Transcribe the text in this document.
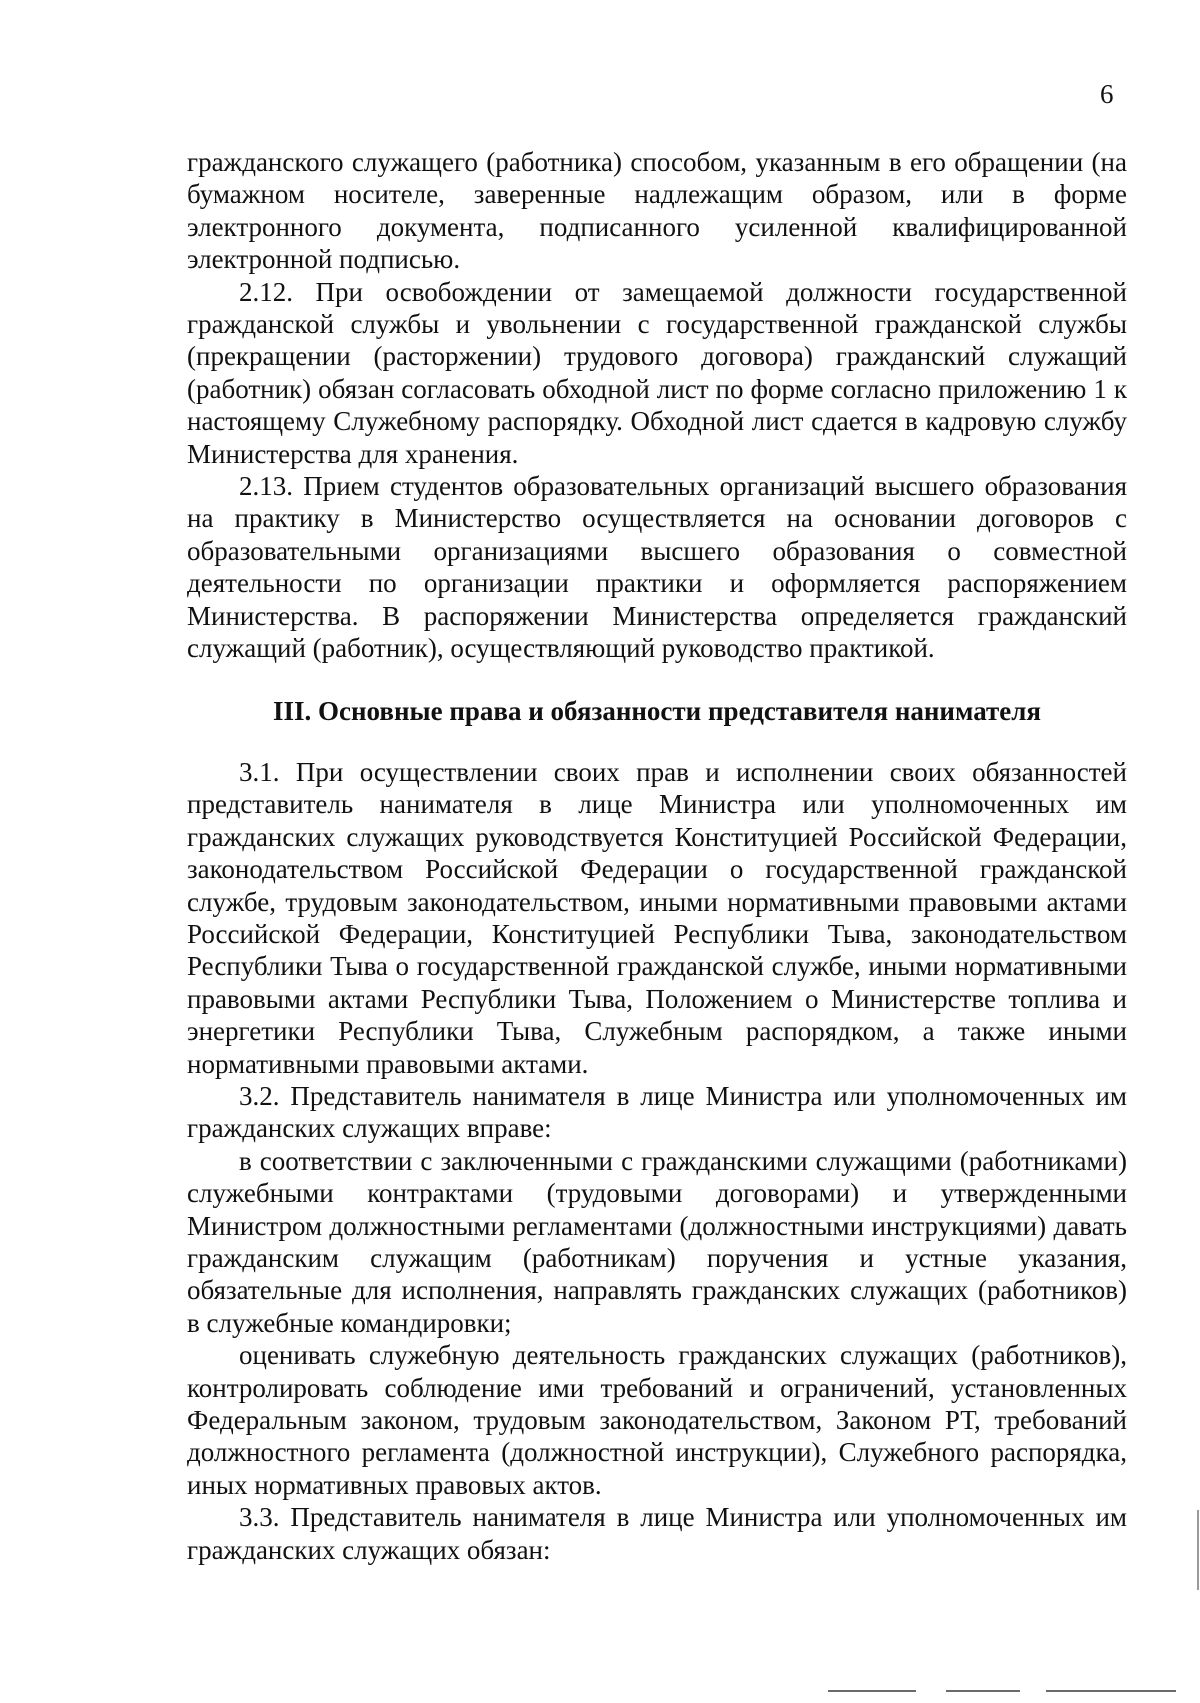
6

гражданского служащего (работника) способом, указанным в его обращении (на бумажном носителе, заверенные надлежащим образом, или в форме электронного документа, подписанного усиленной квалифицированной электронной подписью.

2.12. При освобождении от замещаемой должности государственной гражданской службы и увольнении с государственной гражданской службы (прекращении (расторжении) трудового договора) гражданский служащий (работник) обязан согласовать обходной лист по форме согласно приложению 1 к настоящему Служебному распорядку. Обходной лист сдается в кадровую службу Министерства для хранения.

2.13. Прием студентов образовательных организаций высшего образования на практику в Министерство осуществляется на основании договоров с образовательными организациями высшего образования о совместной деятельности по организации практики и оформляется распоряжением Министерства. В распоряжении Министерства определяется гражданский служащий (работник), осуществляющий руководство практикой.

III. Основные права и обязанности представителя нанимателя

3.1. При осуществлении своих прав и исполнении своих обязанностей представитель нанимателя в лице Министра или уполномоченных им гражданских служащих руководствуется Конституцией Российской Федерации, законодательством Российской Федерации о государственной гражданской службе, трудовым законодательством, иными нормативными правовыми актами Российской Федерации, Конституцией Республики Тыва, законодательством Республики Тыва о государственной гражданской службе, иными нормативными правовыми актами Республики Тыва, Положением о Министерстве топлива и энергетики Республики Тыва, Служебным распорядком, а также иными нормативными правовыми актами.

3.2. Представитель нанимателя в лице Министра или уполномоченных им гражданских служащих вправе:

в соответствии с заключенными с гражданскими служащими (работниками) служебными контрактами (трудовыми договорами) и утвержденными Министром должностными регламентами (должностными инструкциями) давать гражданским служащим (работникам) поручения и устные указания, обязательные для исполнения, направлять гражданских служащих (работников) в служебные командировки;

оценивать служебную деятельность гражданских служащих (работников), контролировать соблюдение ими требований и ограничений, установленных Федеральным законом, трудовым законодательством, Законом РТ, требований должностного регламента (должностной инструкции), Служебного распорядка, иных нормативных правовых актов.

3.3. Представитель нанимателя в лице Министра или уполномоченных им гражданских служащих обязан:
